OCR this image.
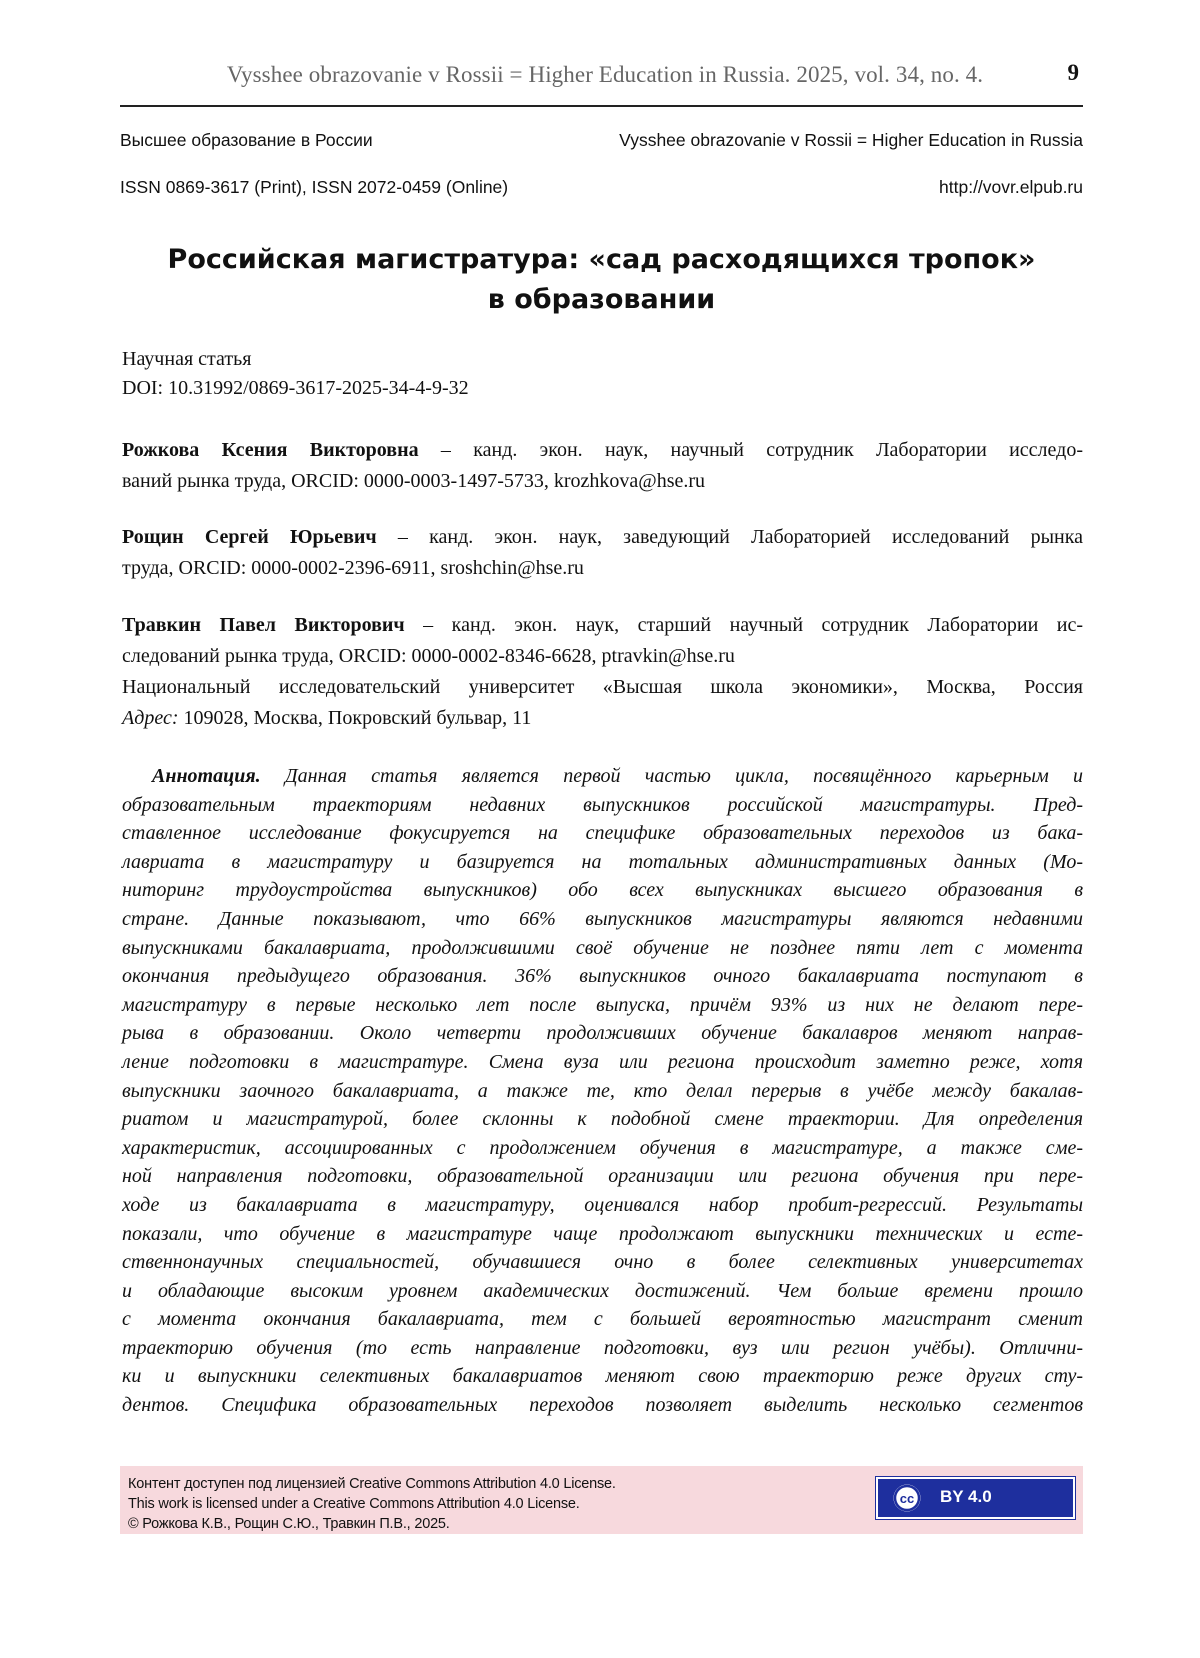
Vysshee obrazovanie v Rossii = Higher Education in Russia. 2025, vol. 34, no. 4.	9
Высшее образование в России	Vysshee obrazovanie v Rossii = Higher Education in Russia
ISSN 0869-3617 (Print), ISSN 2072-0459 (Online)	http://vovr.elpub.ru
Российская магистратура: «сад расходящихся тропок»
в образовании
Научная статья
DOI: 10.31992/0869-3617-2025-34-4-9-32

Рожкова Ксения Викторовна – канд. экон. наук, научный сотрудник Лаборатории исследо-
ваний рынка труда, ORCID: 0000-0003-1497-5733, krozhkova@hse.ru

Рощин Сергей Юрьевич – канд. экон. наук, заведующий Лабораторией исследований рынка
труда, ORCID: 0000-0002-2396-6911, sroshchin@hse.ru

Травкин Павел Викторович – канд. экон. наук, старший научный сотрудник Лаборатории ис-
следований рынка труда, ORCID: 0000-0002-8346-6628, ptravkin@hse.ru

Национальный исследовательский университет «Высшая школа экономики», Москва, Россия
Адрес: 109028, Москва, Покровский бульвар, 11

Аннотация. Данная статья является первой частью цикла, посвящённого карьерным и
образовательным траекториям недавних выпускников российской магистратуры. Пред-
ставленное исследование фокусируется на специфике образовательных переходов из бака-
лавриата в магистратуру и базируется на тотальных административных данных (Мо-
ниторинг трудоустройства выпускников) обо всех выпускниках высшего образования в
стране. Данные показывают, что 66% выпускников магистратуры являются недавними
выпускниками бакалавриата, продолжившими своё обучение не позднее пяти лет с момента
окончания предыдущего образования. 36% выпускников очного бакалавриата поступают в
магистратуру в первые несколько лет после выпуска, причём 93% из них не делают пере-
рыва в образовании. Около четверти продолживших обучение бакалавров меняют направ-
ление подготовки в магистратуре. Смена вуза или региона происходит заметно реже, хотя
выпускники заочного бакалавриата, а также те, кто делал перерыв в учёбе между бакалав-
риатом и магистратурой, более склонны к подобной смене траектории. Для определения
характеристик, ассоциированных с продолжением обучения в магистратуре, а также сме-
ной направления подготовки, образовательной организации или региона обучения при пере-
ходе из бакалавриата в магистратуру, оценивался набор пробит-регрессий. Результаты
показали, что обучение в магистратуре чаще продолжают выпускники технических и есте-
ственнонаучных специальностей, обучавшиеся очно в более селективных университетах
и обладающие высоким уровнем академических достижений. Чем больше времени прошло
с момента окончания бакалавриата, тем с большей вероятностью магистрант сменит
траекторию обучения (то есть направление подготовки, вуз или регион учёбы). Отлични-
ки и выпускники селективных бакалавриатов меняют свою траекторию реже других сту-
дентов. Специфика образовательных переходов позволяет выделить несколько сегментов

Контент доступен под лицензией Creative Commons Attribution 4.0 License.
This work is licensed under a Creative Commons Attribution 4.0 License.
© Рожкова К.В., Рощин С.Ю., Травкин П.В., 2025.
cc BY 4.0
